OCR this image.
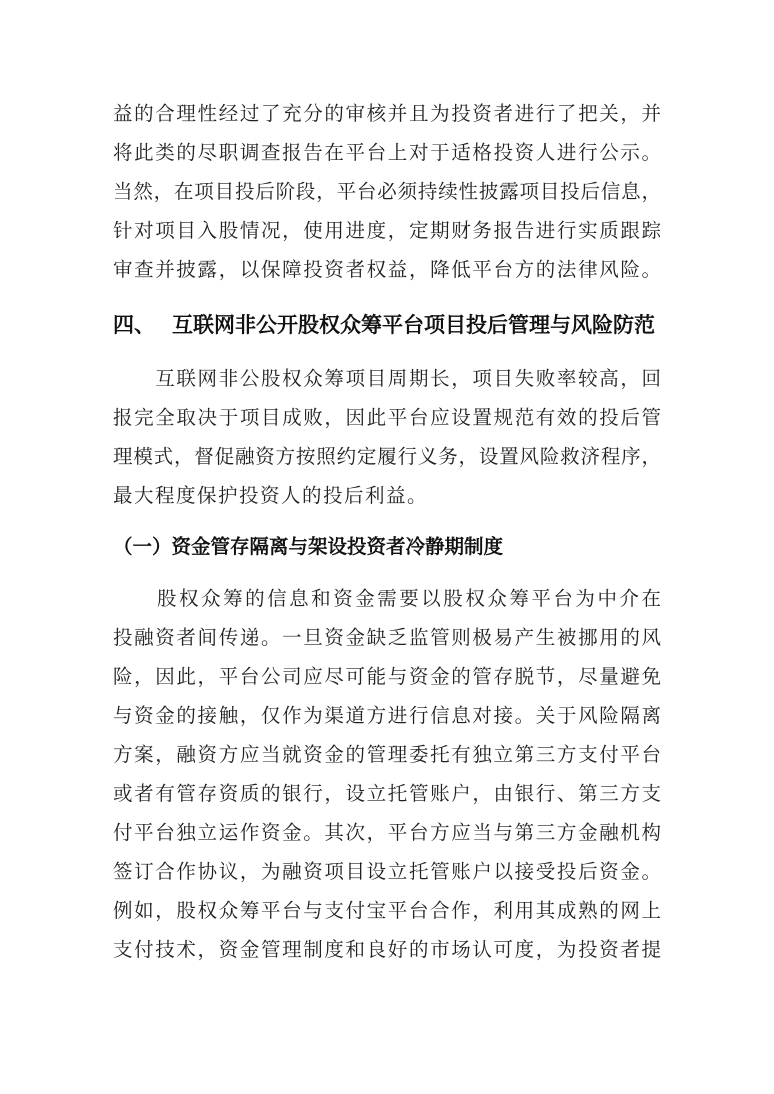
益的合理性经过了充分的审核并且为投资者进行了把关，并
将此类的尽职调查报告在平台上对于适格投资人进行公示。
当然，在项目投后阶段，平台必须持续性披露项目投后信息，
针对项目入股情况，使用进度，定期财务报告进行实质跟踪
审查并披露，以保障投资者权益，降低平台方的法律风险。
四、 互联网非公开股权众筹平台项目投后管理与风险防范
　　互联网非公股权众筹项目周期长，项目失败率较高，回
报完全取决于项目成败，因此平台应设置规范有效的投后管
理模式，督促融资方按照约定履行义务，设置风险救济程序，
最大程度保护投资人的投后利益。
（一）资金管存隔离与架设投资者冷静期制度
　　股权众筹的信息和资金需要以股权众筹平台为中介在
投融资者间传递。一旦资金缺乏监管则极易产生被挪用的风
险，因此，平台公司应尽可能与资金的管存脱节，尽量避免
与资金的接触，仅作为渠道方进行信息对接。关于风险隔离
方案，融资方应当就资金的管理委托有独立第三方支付平台
或者有管存资质的银行，设立托管账户，由银行、第三方支
付平台独立运作资金。其次，平台方应当与第三方金融机构
签订合作协议，为融资项目设立托管账户以接受投后资金。
例如，股权众筹平台与支付宝平台合作，利用其成熟的网上
支付技术，资金管理制度和良好的市场认可度，为投资者提
